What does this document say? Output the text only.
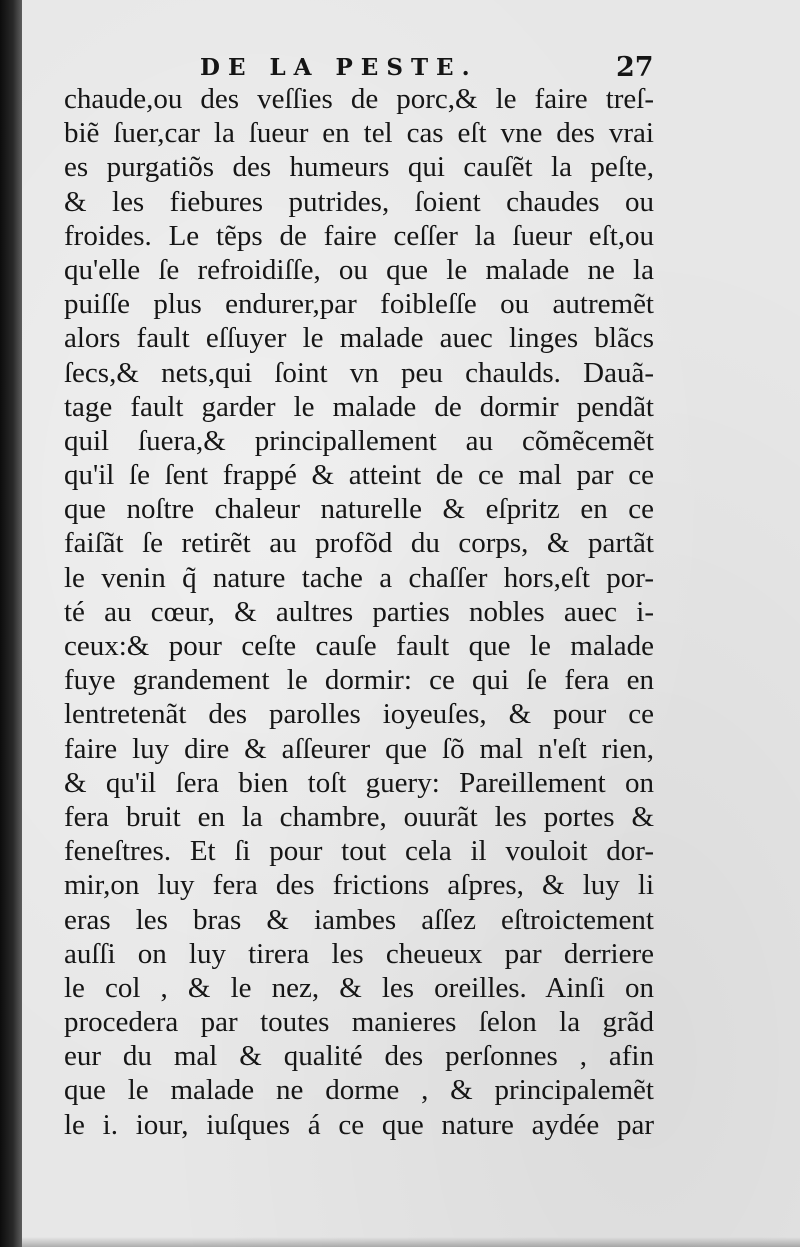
DE LA PESTE.	27
chaude,ou des veſſies de porc,& le faire treſ-
biẽ ſuer,car la ſueur en tel cas eſt vne des vrai
es purgatiõs des humeurs qui cauſẽt la peſte,
& les fiebures putrides, ſoient chaudes ou
froides. Le tẽps de faire ceſſer la ſueur eſt,ou
qu'elle ſe refroidiſſe, ou que le malade ne la
puiſſe plus endurer,par foibleſſe ou autremẽt
alors fault eſſuyer le malade auec linges blãcs
ſecs,& nets,qui ſoint vn peu chaulds. Dauã-
tage fault garder le malade de dormir pendãt
quil ſuera,& principallement au cõmẽcemẽt
qu'il ſe ſent frappé & atteint de ce mal par ce
que noſtre chaleur naturelle & eſpritz en ce
faiſãt ſe retirẽt au profõd du corps, & partãt
le venin q̃ nature tache a chaſſer hors,eſt por-
té au cœur, & aultres parties nobles auec i-
ceux:& pour ceſte cauſe fault que le malade
fuye grandement le dormir: ce qui ſe fera en
lentretenãt des parolles ioyeuſes, & pour ce
faire luy dire & aſſeurer que ſõ mal n'eſt rien,
& qu'il ſera bien toſt guery: Pareillement on
fera bruit en la chambre, ouurãt les portes &
feneſtres. Et ſi pour tout cela il vouloit dor-
mir,on luy fera des frictions aſpres, & luy li
eras les bras & iambes aſſez eſtroictement
auſſi on luy tirera les cheueux par derriere
le col , & le nez, & les oreilles. Ainſi on
procedera par toutes manieres ſelon la grãd
eur du mal & qualité des perſonnes , afin
que le malade ne dorme , & principalemẽt
le i. iour, iuſques á ce que nature aydée par
